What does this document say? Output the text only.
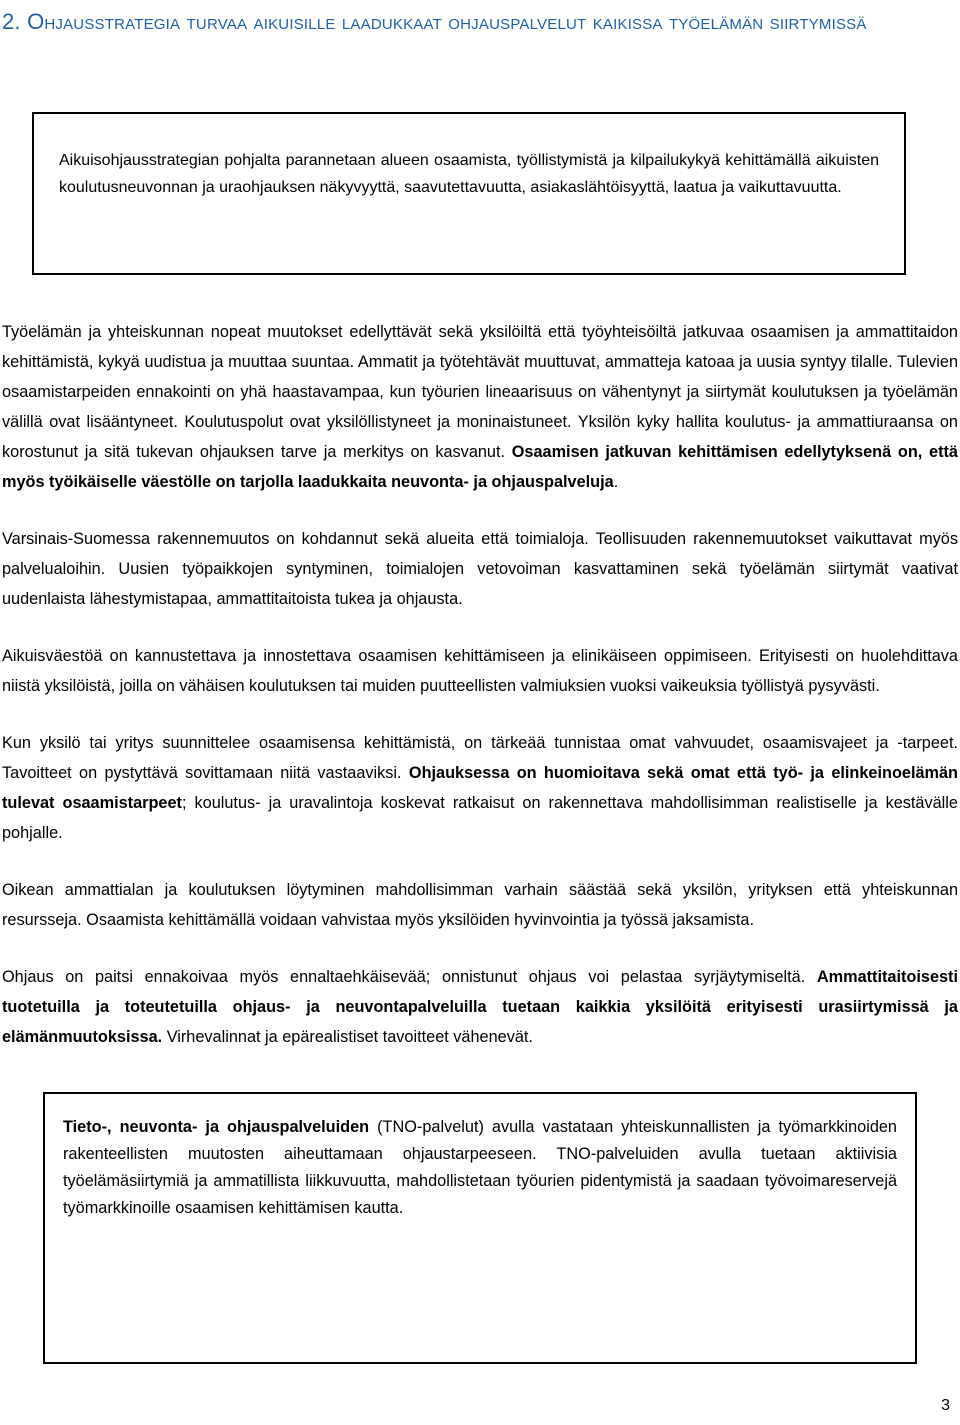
2. Ohjausstrategia turvaa aikuisille laadukkaat ohjauspalvelut kaikissa työelämän siirtymissä
Aikuisohjausstrategian pohjalta parannetaan alueen osaamista, työllistymistä ja kilpailukykyä kehittämällä aikuisten koulutusneuvonnan ja uraohjauksen näkyvyyttä, saavutettavuutta, asiakaslähtöisyyttä, laatua ja vaikuttavuutta.

Työelämän ja yhteiskunnan nopeat muutokset edellyttävät sekä yksilöiltä että työyhteisöiltä jatkuvaa osaamisen ja ammattitaidon kehittämistä, kykyä uudistua ja muuttaa suuntaa. Ammatit ja työtehtävät muuttuvat, ammatteja katoaa ja uusia syntyy tilalle. Tulevien osaamistarpeiden ennakointi on yhä haastavampaa, kun työurien lineaarisuus on vähentynyt ja siirtymät koulutuksen ja työelämän välillä ovat lisääntyneet. Koulutuspolut ovat yksilöllistyneet ja moninaistuneet. Yksilön kyky hallita koulutus- ja ammattiuraansa on korostunut ja sitä tukevan ohjauksen tarve ja merkitys on kasvanut. Osaamisen jatkuvan kehittämisen edellytyksenä on, että myös työikäiselle väestölle on tarjolla laadukkaita neuvonta- ja ohjauspalveluja.

Varsinais-Suomessa rakennemuutos on kohdannut sekä alueita että toimialoja. Teollisuuden rakennemuutokset vaikuttavat myös palvelualoihin. Uusien työpaikkojen syntyminen, toimialojen vetovoiman kasvattaminen sekä työelämän siirtymät vaativat uudenlaista lähestymistapaa, ammattitaitoista tukea ja ohjausta.

Aikuisväestöä on kannustettava ja innostettava osaamisen kehittämiseen ja elinikäiseen oppimiseen. Erityisesti on huolehdittava niistä yksilöistä, joilla on vähäisen koulutuksen tai muiden puutteellisten valmiuksien vuoksi vaikeuksia työllistyä pysyvästi.

Kun yksilö tai yritys suunnittelee osaamisensa kehittämistä, on tärkeää tunnistaa omat vahvuudet, osaamisvajeet ja -tarpeet. Tavoitteet on pystyttävä sovittamaan niitä vastaaviksi. Ohjauksessa on huomioitava sekä omat että työ- ja elinkeinoelämän tulevat osaamistarpeet; koulutus- ja uravalintoja koskevat ratkaisut on rakennettava mahdollisimman realistiselle ja kestävälle pohjalle.

Oikean ammattialan ja koulutuksen löytyminen mahdollisimman varhain säästää sekä yksilön, yrityksen että yhteiskunnan resursseja. Osaamista kehittämällä voidaan vahvistaa myös yksilöiden hyvinvointia ja työssä jaksamista.

Ohjaus on paitsi ennakoivaa myös ennaltaehkäisevää; onnistunut ohjaus voi pelastaa syrjäytymiseltä. Ammattitaitoisesti tuotetuilla ja toteutetuilla ohjaus- ja neuvontapalveluilla tuetaan kaikkia yksilöitä erityisesti urasiirtymissä ja elämänmuutoksissa. Virhevalinnat ja epärealistiset tavoitteet vähenevät.

Tieto-, neuvonta- ja ohjauspalveluiden (TNO-palvelut) avulla vastataan yhteiskunnallisten ja työmarkkinoiden rakenteellisten muutosten aiheuttamaan ohjaustarpeeseen. TNO-palveluiden avulla tuetaan aktiivisia työelämäsiirtymiä ja ammatillista liikkuvuutta, mahdollistetaan työurien pidentymistä ja saadaan työvoimareservejä työmarkkinoille osaamisen kehittämisen kautta.
3
